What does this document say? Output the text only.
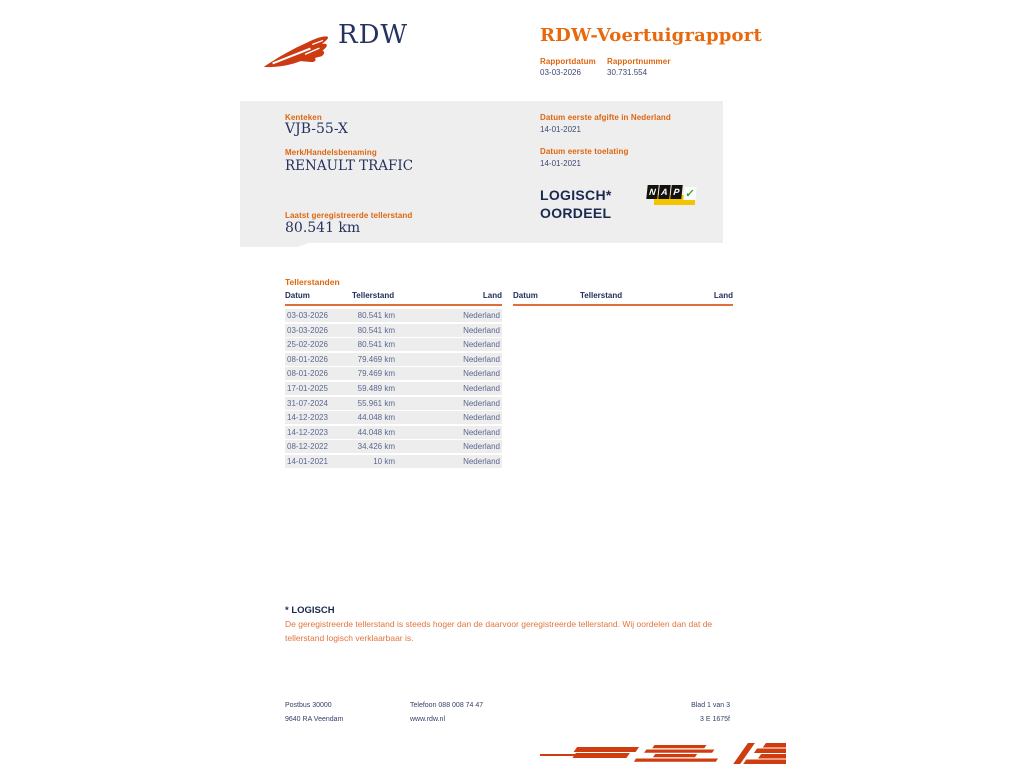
RDW	RDW-Voertuigrapport
Rapportdatum
03-03-2026
Rapportnummer
30.731.554
Kenteken
VJB-55-X
Merk/Handelsbenaming
RENAULT TRAFIC
Laatst geregistreerde tellerstand
80.541 km
Datum eerste afgifte in Nederland
14-01-2021
Datum eerste toelating
14-01-2021
LOGISCH*
OORDEEL
N A P ✓
Tellerstanden
Datum	Tellerstand	Land
03-03-2026	80.541 km	Nederland
03-03-2026	80.541 km	Nederland
25-02-2026	80.541 km	Nederland
08-01-2026	79.469 km	Nederland
08-01-2026	79.469 km	Nederland
17-01-2025	59.489 km	Nederland
31-07-2024	55.961 km	Nederland
14-12-2023	44.048 km	Nederland
14-12-2023	44.048 km	Nederland
08-12-2022	34.426 km	Nederland
14-01-2021	10 km	Nederland
Datum	Tellerstand	Land
* LOGISCH
De geregistreerde tellerstand is steeds hoger dan de daarvoor geregistreerde tellerstand. Wij oordelen dan dat de
tellerstand logisch verklaarbaar is.
Postbus 30000
9640 RA Veendam
Telefoon 088 008 74 47
www.rdw.nl
Blad 1 van 3
3 E 1675f
